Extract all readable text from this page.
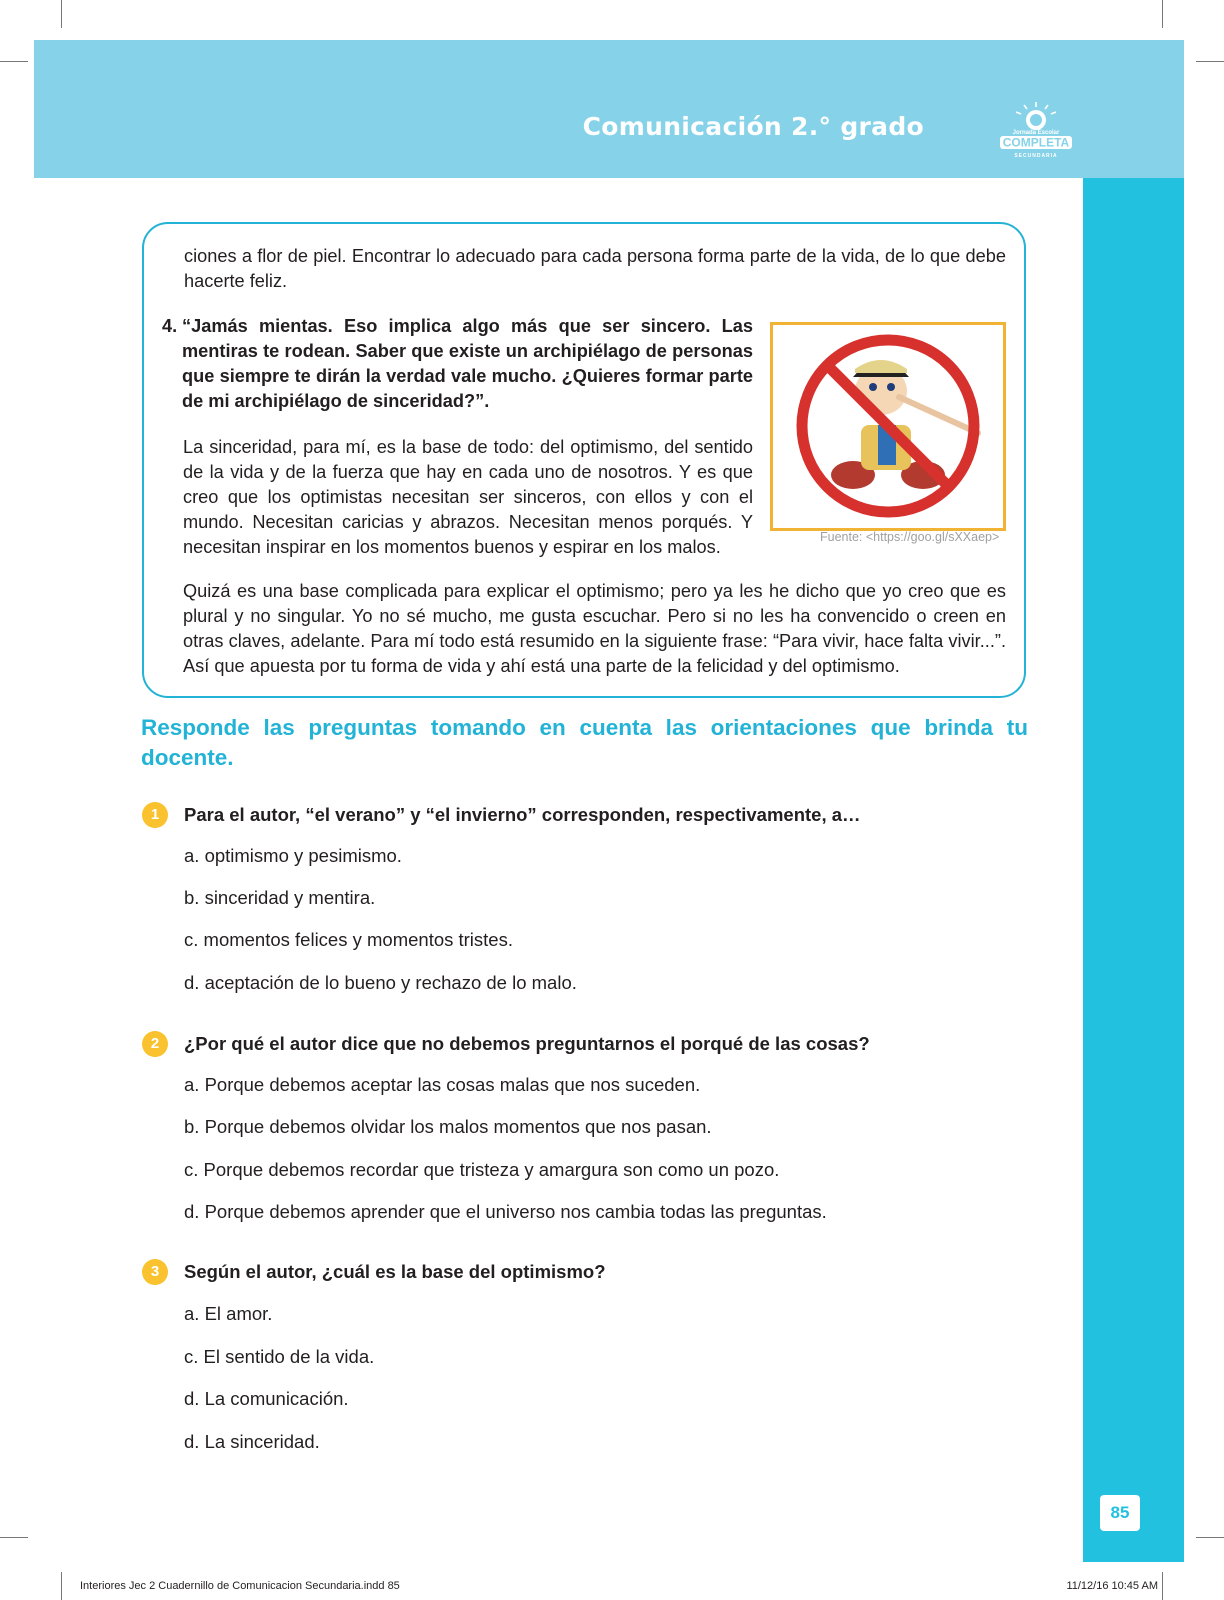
Comunicación 2.° grado	Jornada Escolar
COMPLETA
SECUNDARIA
85

ciones a flor de piel. Encontrar lo adecuado para cada persona forma parte de la vida, de lo que debe hacerte feliz.

4. “Jamás mientas. Eso implica algo más que ser sincero. Las mentiras te rodean. Saber que existe un archipiélago de personas que siempre te dirán la verdad vale mucho. ¿Quieres formar parte de mi archipiélago de sinceridad?”.

La sinceridad, para mí, es la base de todo: del optimismo, del sentido de la vida y de la fuerza que hay en cada uno de nosotros. Y es que creo que los optimistas necesitan ser sinceros, con ellos y con el mundo. Necesitan caricias y abrazos. Necesitan menos porqués. Y necesitan inspirar en los momentos buenos y espirar en los malos.	Fuente: <https://goo.gl/sXXaep>

Quizá es una base complicada para explicar el optimismo; pero ya les he dicho que yo creo que es plural y no singular. Yo no sé mucho, me gusta escuchar. Pero si no les ha convencido o creen en otras claves, adelante. Para mí todo está resumido en la siguiente frase: “Para vivir, hace falta vivir...”. Así que apuesta por tu forma de vida y ahí está una parte de la felicidad y del optimismo.

Responde las preguntas tomando en cuenta las orientaciones que brinda tu docente.

1	Para el autor, “el verano” y “el invierno” corresponden, respectivamente, a…
a. optimismo y pesimismo.
b. sinceridad y mentira.
c. momentos felices y momentos tristes.
d. aceptación de lo bueno y rechazo de lo malo.
2	¿Por qué el autor dice que no debemos preguntarnos el porqué de las cosas?
a. Porque debemos aceptar las cosas malas que nos suceden.
b. Porque debemos olvidar los malos momentos que nos pasan.
c. Porque debemos recordar que tristeza y amargura son como un pozo.
d. Porque debemos aprender que el universo nos cambia todas las preguntas.
3	Según el autor, ¿cuál es la base del optimismo?
a. El amor.
c. El sentido de la vida.
d. La comunicación.
d. La sinceridad.
Interiores Jec 2 Cuadernillo de Comunicacion Secundaria.indd 85	11/12/16 10:45 AM
